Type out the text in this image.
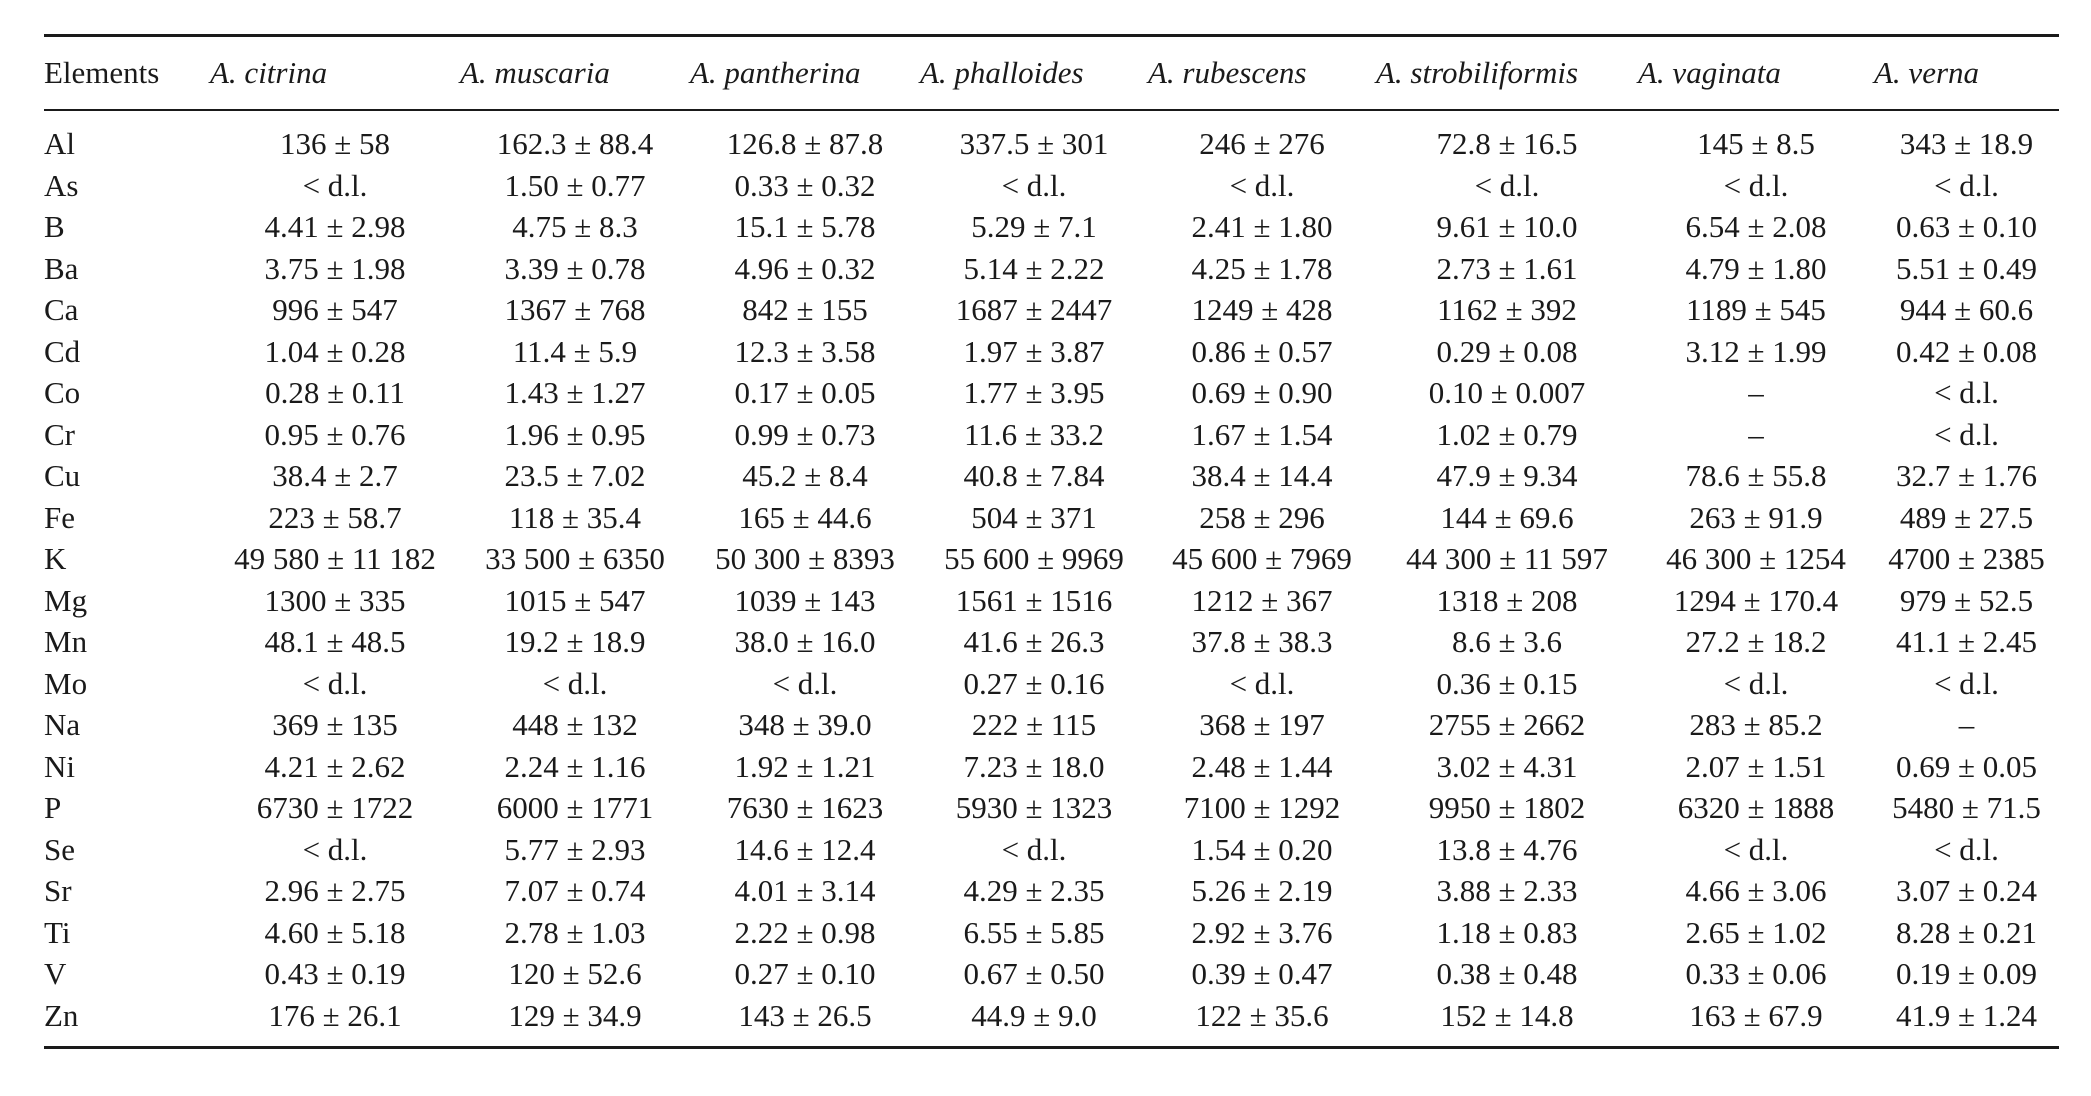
Elements	A. citrina	A. muscaria	A. pantherina	A. phalloides	A. rubescens	A. strobiliformis	A. vaginata	A. verna
Al	136 ± 58	162.3 ± 88.4	126.8 ± 87.8	337.5 ± 301	246 ± 276	72.8 ± 16.5	145 ± 8.5	343 ± 18.9
As	< d.l.	1.50 ± 0.77	0.33 ± 0.32	< d.l.	< d.l.	< d.l.	< d.l.	< d.l.
B	4.41 ± 2.98	4.75 ± 8.3	15.1 ± 5.78	5.29 ± 7.1	2.41 ± 1.80	9.61 ± 10.0	6.54 ± 2.08	0.63 ± 0.10
Ba	3.75 ± 1.98	3.39 ± 0.78	4.96 ± 0.32	5.14 ± 2.22	4.25 ± 1.78	2.73 ± 1.61	4.79 ± 1.80	5.51 ± 0.49
Ca	996 ± 547	1367 ± 768	842 ± 155	1687 ± 2447	1249 ± 428	1162 ± 392	1189 ± 545	944 ± 60.6
Cd	1.04 ± 0.28	11.4 ± 5.9	12.3 ± 3.58	1.97 ± 3.87	0.86 ± 0.57	0.29 ± 0.08	3.12 ± 1.99	0.42 ± 0.08
Co	0.28 ± 0.11	1.43 ± 1.27	0.17 ± 0.05	1.77 ± 3.95	0.69 ± 0.90	0.10 ± 0.007	–	< d.l.
Cr	0.95 ± 0.76	1.96 ± 0.95	0.99 ± 0.73	11.6 ± 33.2	1.67 ± 1.54	1.02 ± 0.79	–	< d.l.
Cu	38.4 ± 2.7	23.5 ± 7.02	45.2 ± 8.4	40.8 ± 7.84	38.4 ± 14.4	47.9 ± 9.34	78.6 ± 55.8	32.7 ± 1.76
Fe	223 ± 58.7	118 ± 35.4	165 ± 44.6	504 ± 371	258 ± 296	144 ± 69.6	263 ± 91.9	489 ± 27.5
K	49 580 ± 11 182	33 500 ± 6350	50 300 ± 8393	55 600 ± 9969	45 600 ± 7969	44 300 ± 11 597	46 300 ± 1254	4700 ± 2385
Mg	1300 ± 335	1015 ± 547	1039 ± 143	1561 ± 1516	1212 ± 367	1318 ± 208	1294 ± 170.4	979 ± 52.5
Mn	48.1 ± 48.5	19.2 ± 18.9	38.0 ± 16.0	41.6 ± 26.3	37.8 ± 38.3	8.6 ± 3.6	27.2 ± 18.2	41.1 ± 2.45
Mo	< d.l.	< d.l.	< d.l.	0.27 ± 0.16	< d.l.	0.36 ± 0.15	< d.l.	< d.l.
Na	369 ± 135	448 ± 132	348 ± 39.0	222 ± 115	368 ± 197	2755 ± 2662	283 ± 85.2	–
Ni	4.21 ± 2.62	2.24 ± 1.16	1.92 ± 1.21	7.23 ± 18.0	2.48 ± 1.44	3.02 ± 4.31	2.07 ± 1.51	0.69 ± 0.05
P	6730 ± 1722	6000 ± 1771	7630 ± 1623	5930 ± 1323	7100 ± 1292	9950 ± 1802	6320 ± 1888	5480 ± 71.5
Se	< d.l.	5.77 ± 2.93	14.6 ± 12.4	< d.l.	1.54 ± 0.20	13.8 ± 4.76	< d.l.	< d.l.
Sr	2.96 ± 2.75	7.07 ± 0.74	4.01 ± 3.14	4.29 ± 2.35	5.26 ± 2.19	3.88 ± 2.33	4.66 ± 3.06	3.07 ± 0.24
Ti	4.60 ± 5.18	2.78 ± 1.03	2.22 ± 0.98	6.55 ± 5.85	2.92 ± 3.76	1.18 ± 0.83	2.65 ± 1.02	8.28 ± 0.21
V	0.43 ± 0.19	120 ± 52.6	0.27 ± 0.10	0.67 ± 0.50	0.39 ± 0.47	0.38 ± 0.48	0.33 ± 0.06	0.19 ± 0.09
Zn	176 ± 26.1	129 ± 34.9	143 ± 26.5	44.9 ± 9.0	122 ± 35.6	152 ± 14.8	163 ± 67.9	41.9 ± 1.24
